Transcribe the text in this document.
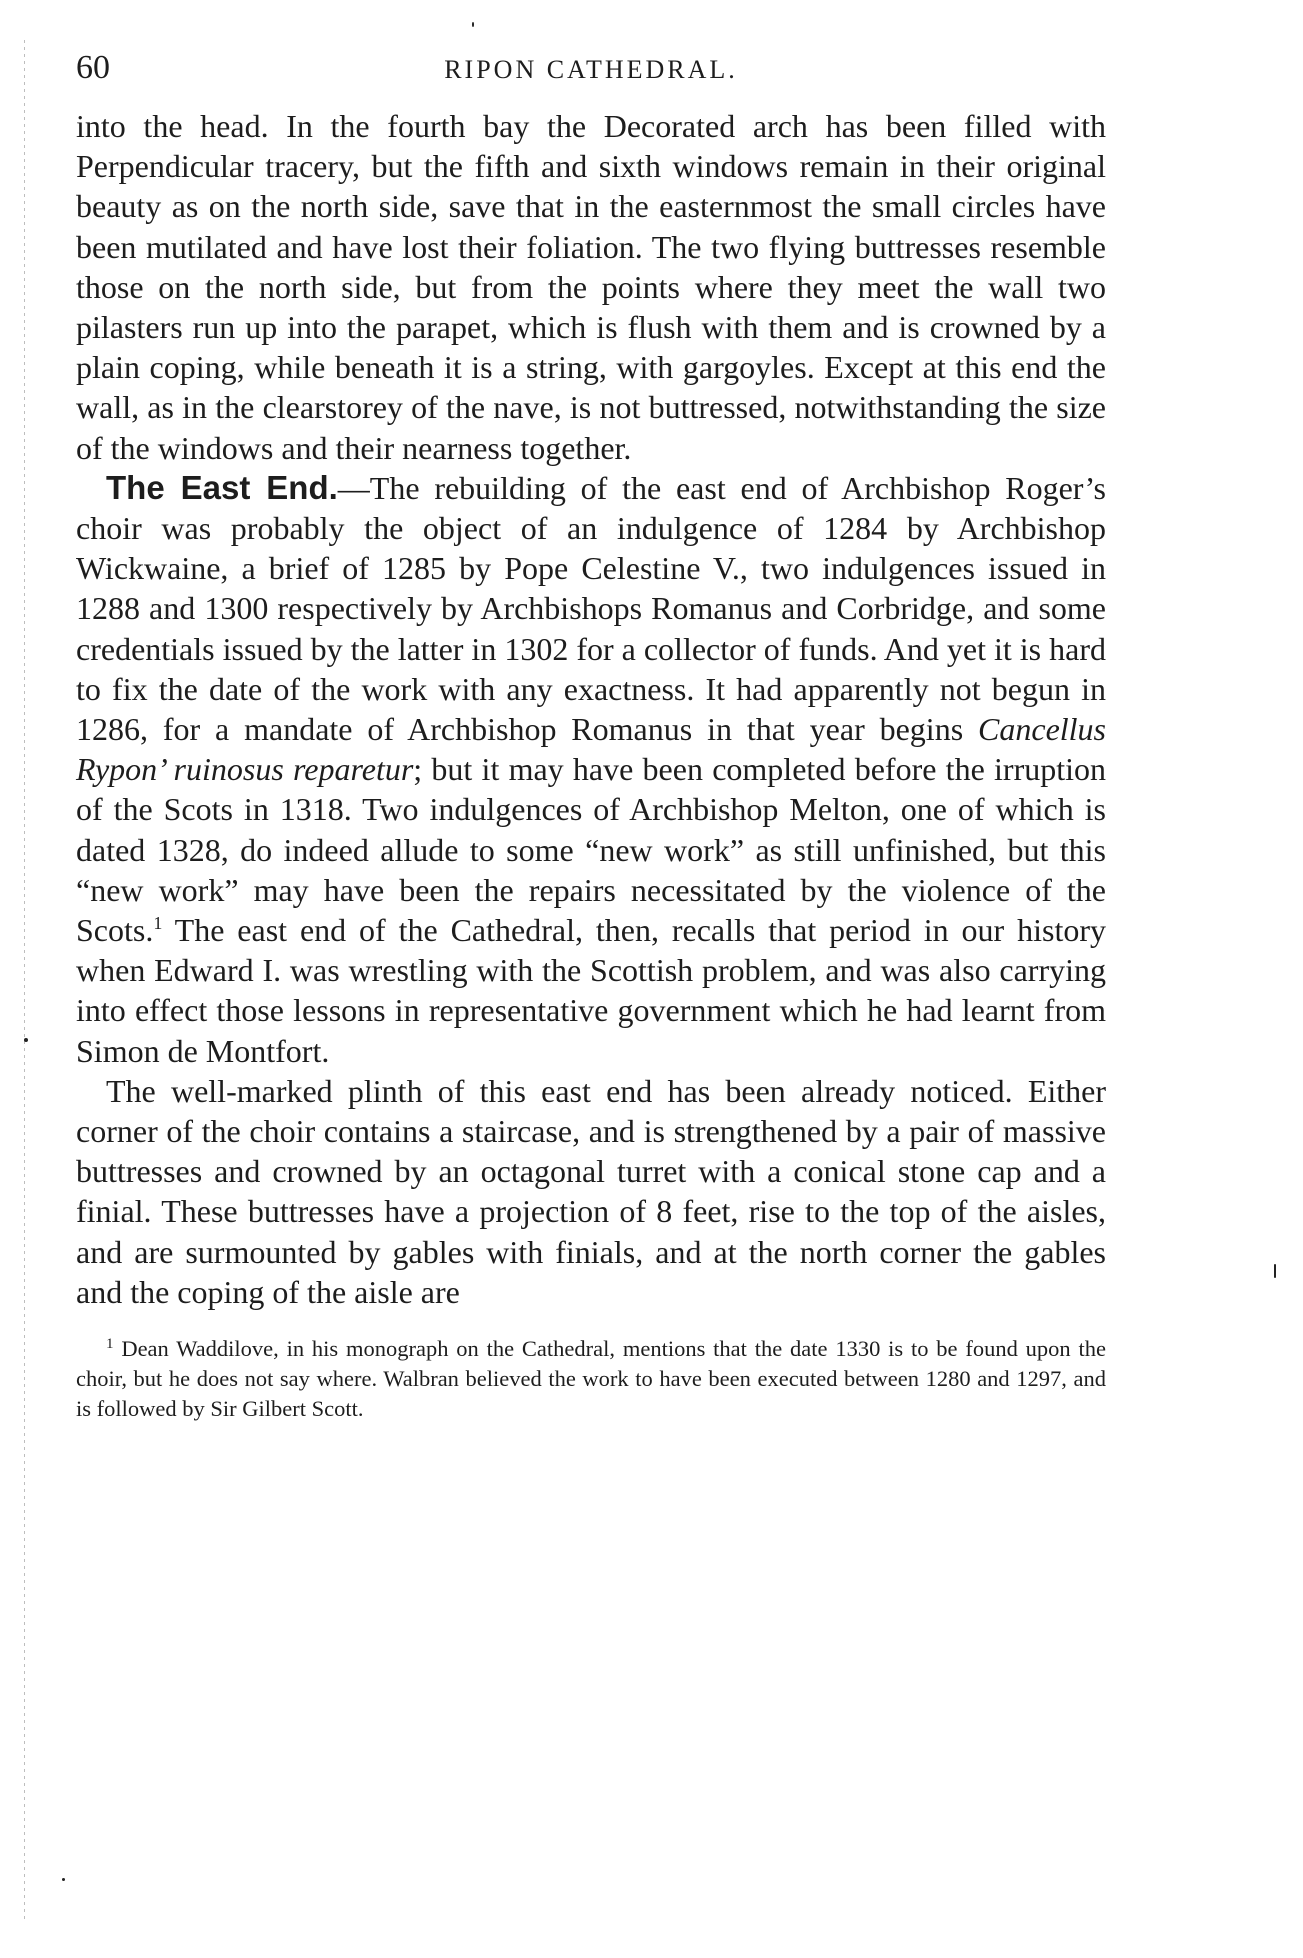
60	RIPON CATHEDRAL.

into the head. In the fourth bay the Decorated arch has been filled with Perpendicular tracery, but the fifth and sixth windows remain in their original beauty as on the north side, save that in the easternmost the small circles have been mutilated and have lost their foliation. The two flying buttresses resemble those on the north side, but from the points where they meet the wall two pilasters run up into the parapet, which is flush with them and is crowned by a plain coping, while beneath it is a string, with gargoyles. Except at this end the wall, as in the clearstorey of the nave, is not buttressed, notwithstanding the size of the windows and their nearness together.

The East End.—The rebuilding of the east end of Archbishop Roger’s choir was probably the object of an indulgence of 1284 by Archbishop Wickwaine, a brief of 1285 by Pope Celestine V., two indulgences issued in 1288 and 1300 respectively by Archbishops Romanus and Corbridge, and some credentials issued by the latter in 1302 for a collector of funds. And yet it is hard to fix the date of the work with any exactness. It had apparently not begun in 1286, for a mandate of Archbishop Romanus in that year begins Cancellus Rypon’ ruinosus reparetur; but it may have been completed before the irruption of the Scots in 1318. Two indulgences of Archbishop Melton, one of which is dated 1328, do indeed allude to some “new work” as still unfinished, but this “new work” may have been the repairs necessitated by the violence of the Scots.$^1$ The east end of the Cathedral, then, recalls that period in our history when Edward I. was wrestling with the Scottish problem, and was also carrying into effect those lessons in representative government which he had learnt from Simon de Montfort.

The well-marked plinth of this east end has been already noticed. Either corner of the choir contains a staircase, and is strengthened by a pair of massive buttresses and crowned by an octagonal turret with a conical stone cap and a finial. These buttresses have a projection of 8 feet, rise to the top of the aisles, and are surmounted by gables with finials, and at the north corner the gables and the coping of the aisle are

$^1$ Dean Waddilove, in his monograph on the Cathedral, mentions that the date 1330 is to be found upon the choir, but he does not say where. Walbran believed the work to have been executed between 1280 and 1297, and is followed by Sir Gilbert Scott.
